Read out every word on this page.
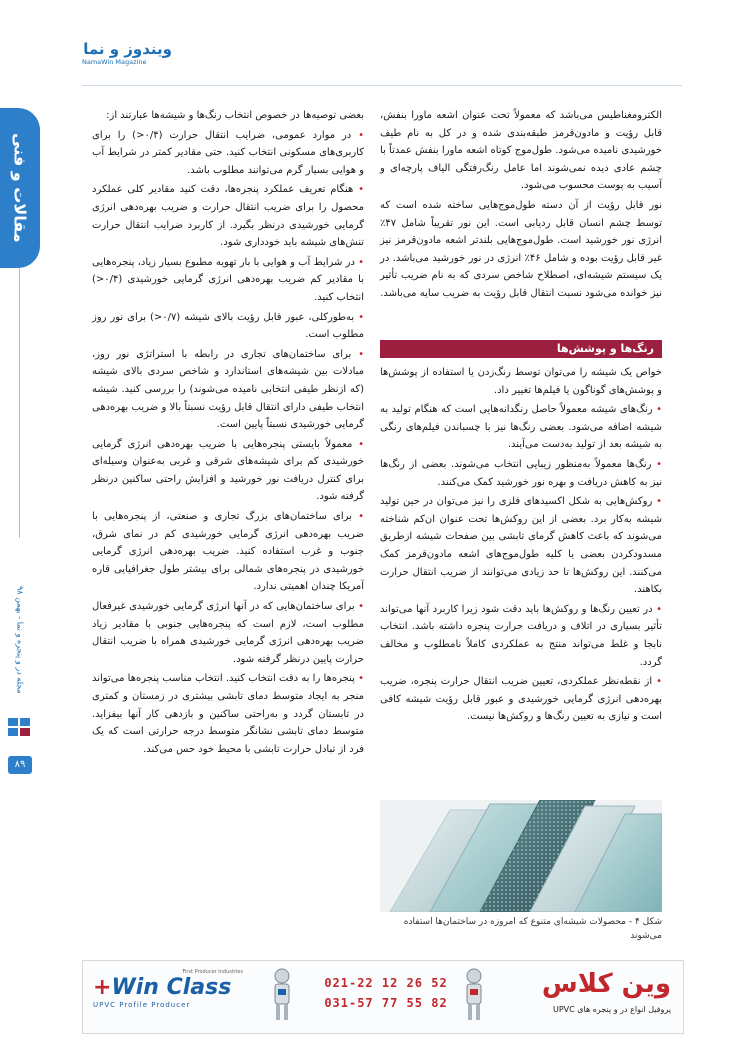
ویندوز و نما
NamaWin Magazine
مقالات و فنی
مجله در و پنجره و نما - بهمن ۹۸
۸۹

بعضی توصیه‌ها در خصوص انتخاب رنگ‌ها و شیشه‌ها عبارتند از:

• در موارد عمومی، ضرایب انتقال حرارت (۰/۴<) را برای کاربری‌های مسکونی انتخاب کنید. حتی مقادیر کمتر در شرایط آب و هوایی بسیار گرم می‌توانند مطلوب باشد.

• هنگام تعریف عملکرد پنجره‌ها، دقت کنید مقادیر کلی عملکرد محصول را برای ضریب انتقال حرارت و ضریب بهره‌دهی انرژی گرمایی خورشیدی درنظر بگیرد. از کاربرد ضرایب انتقال حرارت تنش‌های شیشه باید خودداری شود.

• در شرایط آب و هوایی با بار تهویه مطبوع بسیار زیاد، پنجره‌هایی با مقادیر کم ضریب بهره‌دهی انرژی گرمایی خورشیدی (۰/۴<) انتخاب کنید.

• به‌طورکلی، عبور قابل رؤیت بالای شیشه (۰/۷<) برای نور روز مطلوب است.

• برای ساختمان‌های تجاری در رابطه با استراتژی نور روز، مبادلات بین شیشه‌های استاندارد و شاخص سردی بالای شیشه (که ازنظر طیفی انتخابی نامیده می‌شوند) را بررسی کنید. شیشه انتخاب طیفی دارای انتقال قابل رؤیت نسبتاً بالا و ضریب بهره‌دهی گرمایی خورشیدی نسبتاً پایین است.

• معمولاً بایستی پنجره‌هایی با ضریب بهره‌دهی انرژی گرمایی خورشیدی کم برای شیشه‌های شرقی و غربی به‌عنوان وسیله‌ای برای کنترل دریافت نور خورشید و افزایش راحتی ساکنین درنظر گرفته شود.

• برای ساختمان‌های بزرگ تجاری و صنعتی، از پنجره‌هایی با ضریب بهره‌دهی انرژی گرمایی خورشیدی کم در نمای شرق، جنوب و غرب استفاده کنید. ضریب بهره‌دهی انرژی گرمایی خورشیدی در پنجره‌های شمالی برای بیشتر طول جغرافیایی قاره آمریکا چندان اهمیتی ندارد.

• برای ساختمان‌هایی که در آنها انرژی گرمایی خورشیدی غیرفعال مطلوب است، لازم است که پنجره‌هایی جنوبی با مقادیر زیاد ضریب بهره‌دهی انرژی گرمایی خورشیدی همراه با ضریب انتقال حرارت پایین درنظر گرفته شود.

• پنجره‌ها را به دقت انتخاب کنید. انتخاب مناسب پنجره‌ها می‌تواند منجر به ایجاد متوسط دمای تابشی بیشتری در زمستان و کمتری در تابستان گردد و به‌راحتی ساکنین و بازدهی کار آنها بیفزاید. متوسط دمای تابشی نشانگر متوسط درجه حرارتی است که یک فرد از تبادل حرارت تابشی با محیط خود حس می‌کند.

الکترومغناطیس می‌باشد که معمولاً تحت عنوان اشعه ماورا بنفش، قابل رؤیت و مادون‌قرمز طبقه‌بندی شده و در کل به نام طیف خورشیدی نامیده می‌شود. طول‌موج کوتاه اشعه ماورا بنفش عمدتاً با چشم عادی دیده نمی‌شوند اما عامل رنگ‌رفتگی الیاف پارچه‌ای و آسیب به پوست محسوب می‌شود.

نور قابل رؤیت از آن دسته طول‌موج‌هایی ساخته شده است که توسط چشم انسان قابل ردیابی است. این نور تقریباً شامل ۴۷٪ انرژی نور خورشید است. طول‌موج‌هایی بلندتر اشعه مادون‌قرمز نیز غیر قابل رؤیت بوده و شامل ۴۶٪ انرژی در نور خورشید می‌باشد. در یک سیستم شیشه‌ای، اصطلاح شاخص سردی که به نام ضریب تأثیر نیز خوانده می‌شود نسبت انتقال قابل رؤیت به ضریب سایه می‌باشد.

رنگ‌ها و پوشش‌ها

خواص یک شیشه را می‌توان توسط رنگ‌زدن یا استفاده از پوشش‌ها و پوشش‌های گوناگون یا فیلم‌ها تغییر داد.

• رنگ‌های شیشه معمولاً حاصل رنگدانه‌هایی است که هنگام تولید به شیشه اضافه می‌شود. بعضی رنگ‌ها نیز با چسباندن فیلم‌های رنگی به شیشه بعد از تولید به‌دست می‌آیند.

• رنگ‌ها معمولاً به‌منظور زیبایی انتخاب می‌شوند. بعضی از رنگ‌ها نیز به کاهش دریافت و بهره نور خورشید کمک می‌کنند.

• روکش‌هایی به شکل اکسیدهای فلزی را نیز می‌توان در حین تولید شیشه به‌کار برد. بعضی از این روکش‌ها تحت عنوان ان‌کم شناخته می‌شوند که باعث کاهش گرمای تابشی بین صفحات شیشه ازطریق مسدودکردن بعضی یا کلیه طول‌موج‌های اشعه مادون‌قرمز کمک می‌کنند. این روکش‌ها تا حد زیادی می‌توانند از ضریب انتقال حرارت بکاهند.

• در تعیین رنگ‌ها و روکش‌ها باید دقت شود زیرا کاربرد آنها می‌تواند تأثیر بسیاری در اتلاف و دریافت حرارت پنجره داشته باشد. انتخاب نابجا و غلط می‌تواند منتج به عملکردی کاملاً نامطلوب و مخالف گردد.

• از نقطه‌نظر عملکردی، تعیین ضریب انتقال حرارت پنجره، ضریب بهره‌دهی انرژی گرمایی خورشیدی و عبور قابل رؤیت شیشه کافی است و نیازی به تعیین رنگ‌ها و روکش‌ها نیست.

شکل ۴ - محصولات شیشه‌ای متنوع که امروزه در ساختمان‌ها استفاده می‌شوند
وین کلاس
پروفیل انواع در و پنجره های UPVC
021-22 12 26 52
031-57 77 55 82
First Producer Industries
+Win Class
UPVC Profile Producer
